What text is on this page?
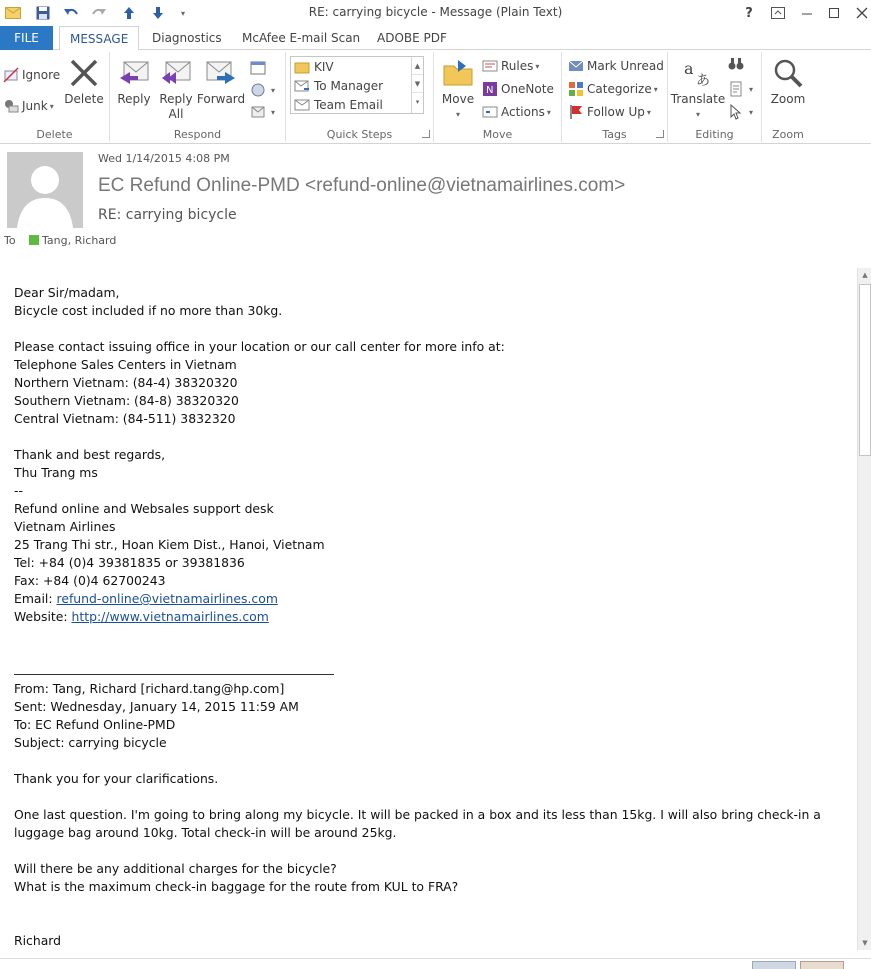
▾	RE: carrying bicycle - Message (Plain Text)	?
FILE	MESSAGE	Diagnostics	McAfee E-mail Scan	ADOBE PDF
Ignore
Junk ▾ Delete
Delete
Reply Reply
All
Forward
▾
▾
Respond
KIV
To Manager
Team Email
▲
▼
▾
Quick Steps
Move
▾
Rules ▾
N OneNote
Actions ▾
Move
Mark Unread
Categorize ▾
Follow Up ▾
Tags
a
あ
Translate
▾
▾
▾
Editing
Zoom
Zoom
Wed 1/14/2015 4:08 PM
EC Refund Online-PMD <refund-online@vietnamairlines.com>
RE: carrying bicycle
To Tang, Richard
Dear Sir/madam,
Bicycle cost included if no more than 30kg.
Please contact issuing office in your location or our call center for more info at:
Telephone Sales Centers in Vietnam
Northern Vietnam: (84-4) 38320320
Southern Vietnam: (84-8) 38320320
Central Vietnam: (84-511) 3832320
Thank and best regards,
Thu Trang ms
--
Refund online and Websales support desk
Vietnam Airlines
25 Trang Thi str., Hoan Kiem Dist., Hanoi, Vietnam
Tel: +84 (0)4 39381835 or 39381836
Fax: +84 (0)4 62700243
Email: refund-online@vietnamairlines.com
Website: http://www.vietnamairlines.com
From: Tang, Richard [richard.tang@hp.com]
Sent: Wednesday, January 14, 2015 11:59 AM
To: EC Refund Online-PMD
Subject: carrying bicycle
Thank you for your clarifications.
One last question. I'm going to bring along my bicycle. It will be packed in a box and its less than 15kg. I will also bring check-in a luggage bag around 10kg. Total check-in will be around 25kg.
Will there be any additional charges for the bicycle?
What is the maximum check-in baggage for the route from KUL to FRA?
Richard
▲
▼
